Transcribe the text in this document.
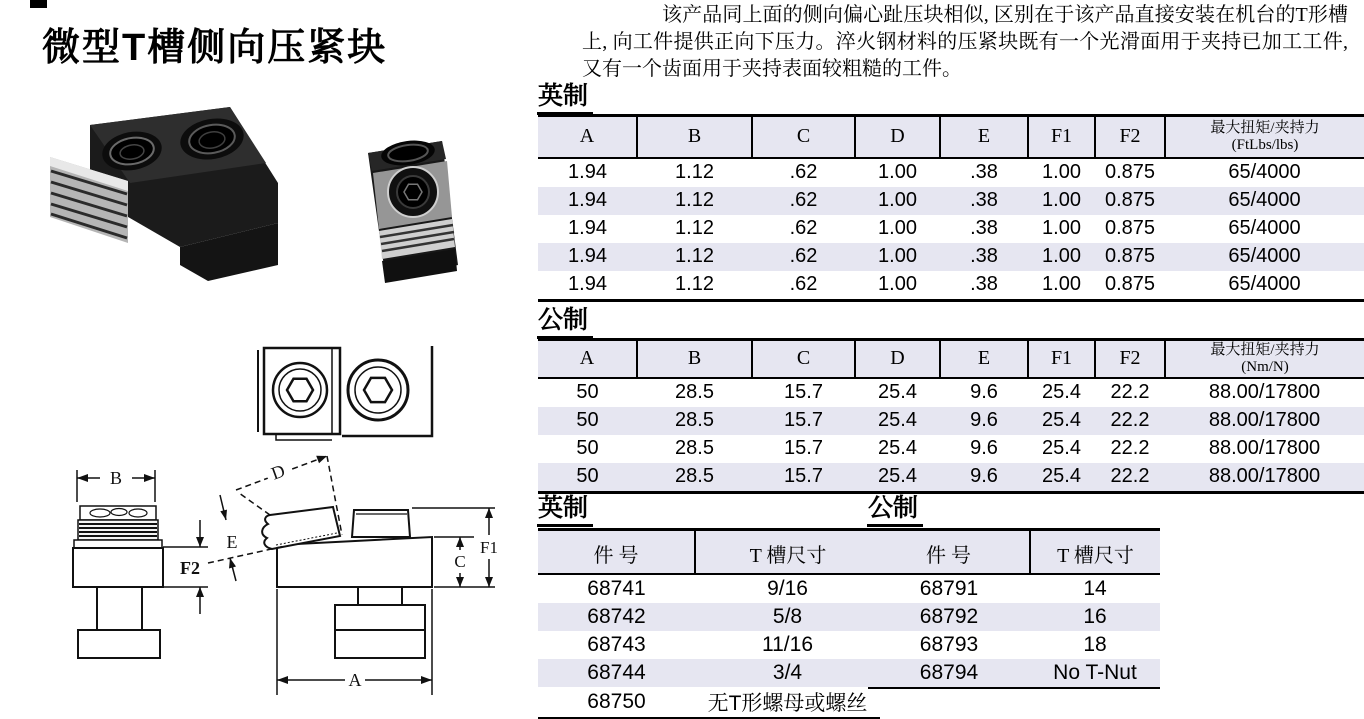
微型T槽侧向压紧块

该产品同上面的侧向偏心趾压块相似, 区别在于该产品直接安装在机台的T形槽上, 向工件提供正向下压力。淬火钢材料的压紧块既有一个光滑面用于夹持已加工工件, 又有一个齿面用于夹持表面较粗糙的工件。

B
F2
D
E	F1
C
A
英制
A	B	C	D	E	F1	F2	最大扭矩/夹持力
(FtLbs/lbs)

1.94	1.12	.62	1.00	.38	1.00	0.875	65/4000
1.94	1.12	.62	1.00	.38	1.00	0.875	65/4000
1.94	1.12	.62	1.00	.38	1.00	0.875	65/4000
1.94	1.12	.62	1.00	.38	1.00	0.875	65/4000
1.94	1.12	.62	1.00	.38	1.00	0.875	65/4000
公制
A	B	C	D	E	F1	F2	最大扭矩/夹持力
(Nm/N)

50	28.5	15.7	25.4	9.6	25.4	22.2	88.00/17800
50	28.5	15.7	25.4	9.6	25.4	22.2	88.00/17800
50	28.5	15.7	25.4	9.6	25.4	22.2	88.00/17800
50	28.5	15.7	25.4	9.6	25.4	22.2	88.00/17800
英制
件 号	T 槽尺寸
68741	9/16
68742	5/8
68743	11/16
68744	3/4
68750	无T形螺母或螺丝
公制
件 号	T 槽尺寸
68791	14
68792	16
68793	18
68794	No T-Nut
